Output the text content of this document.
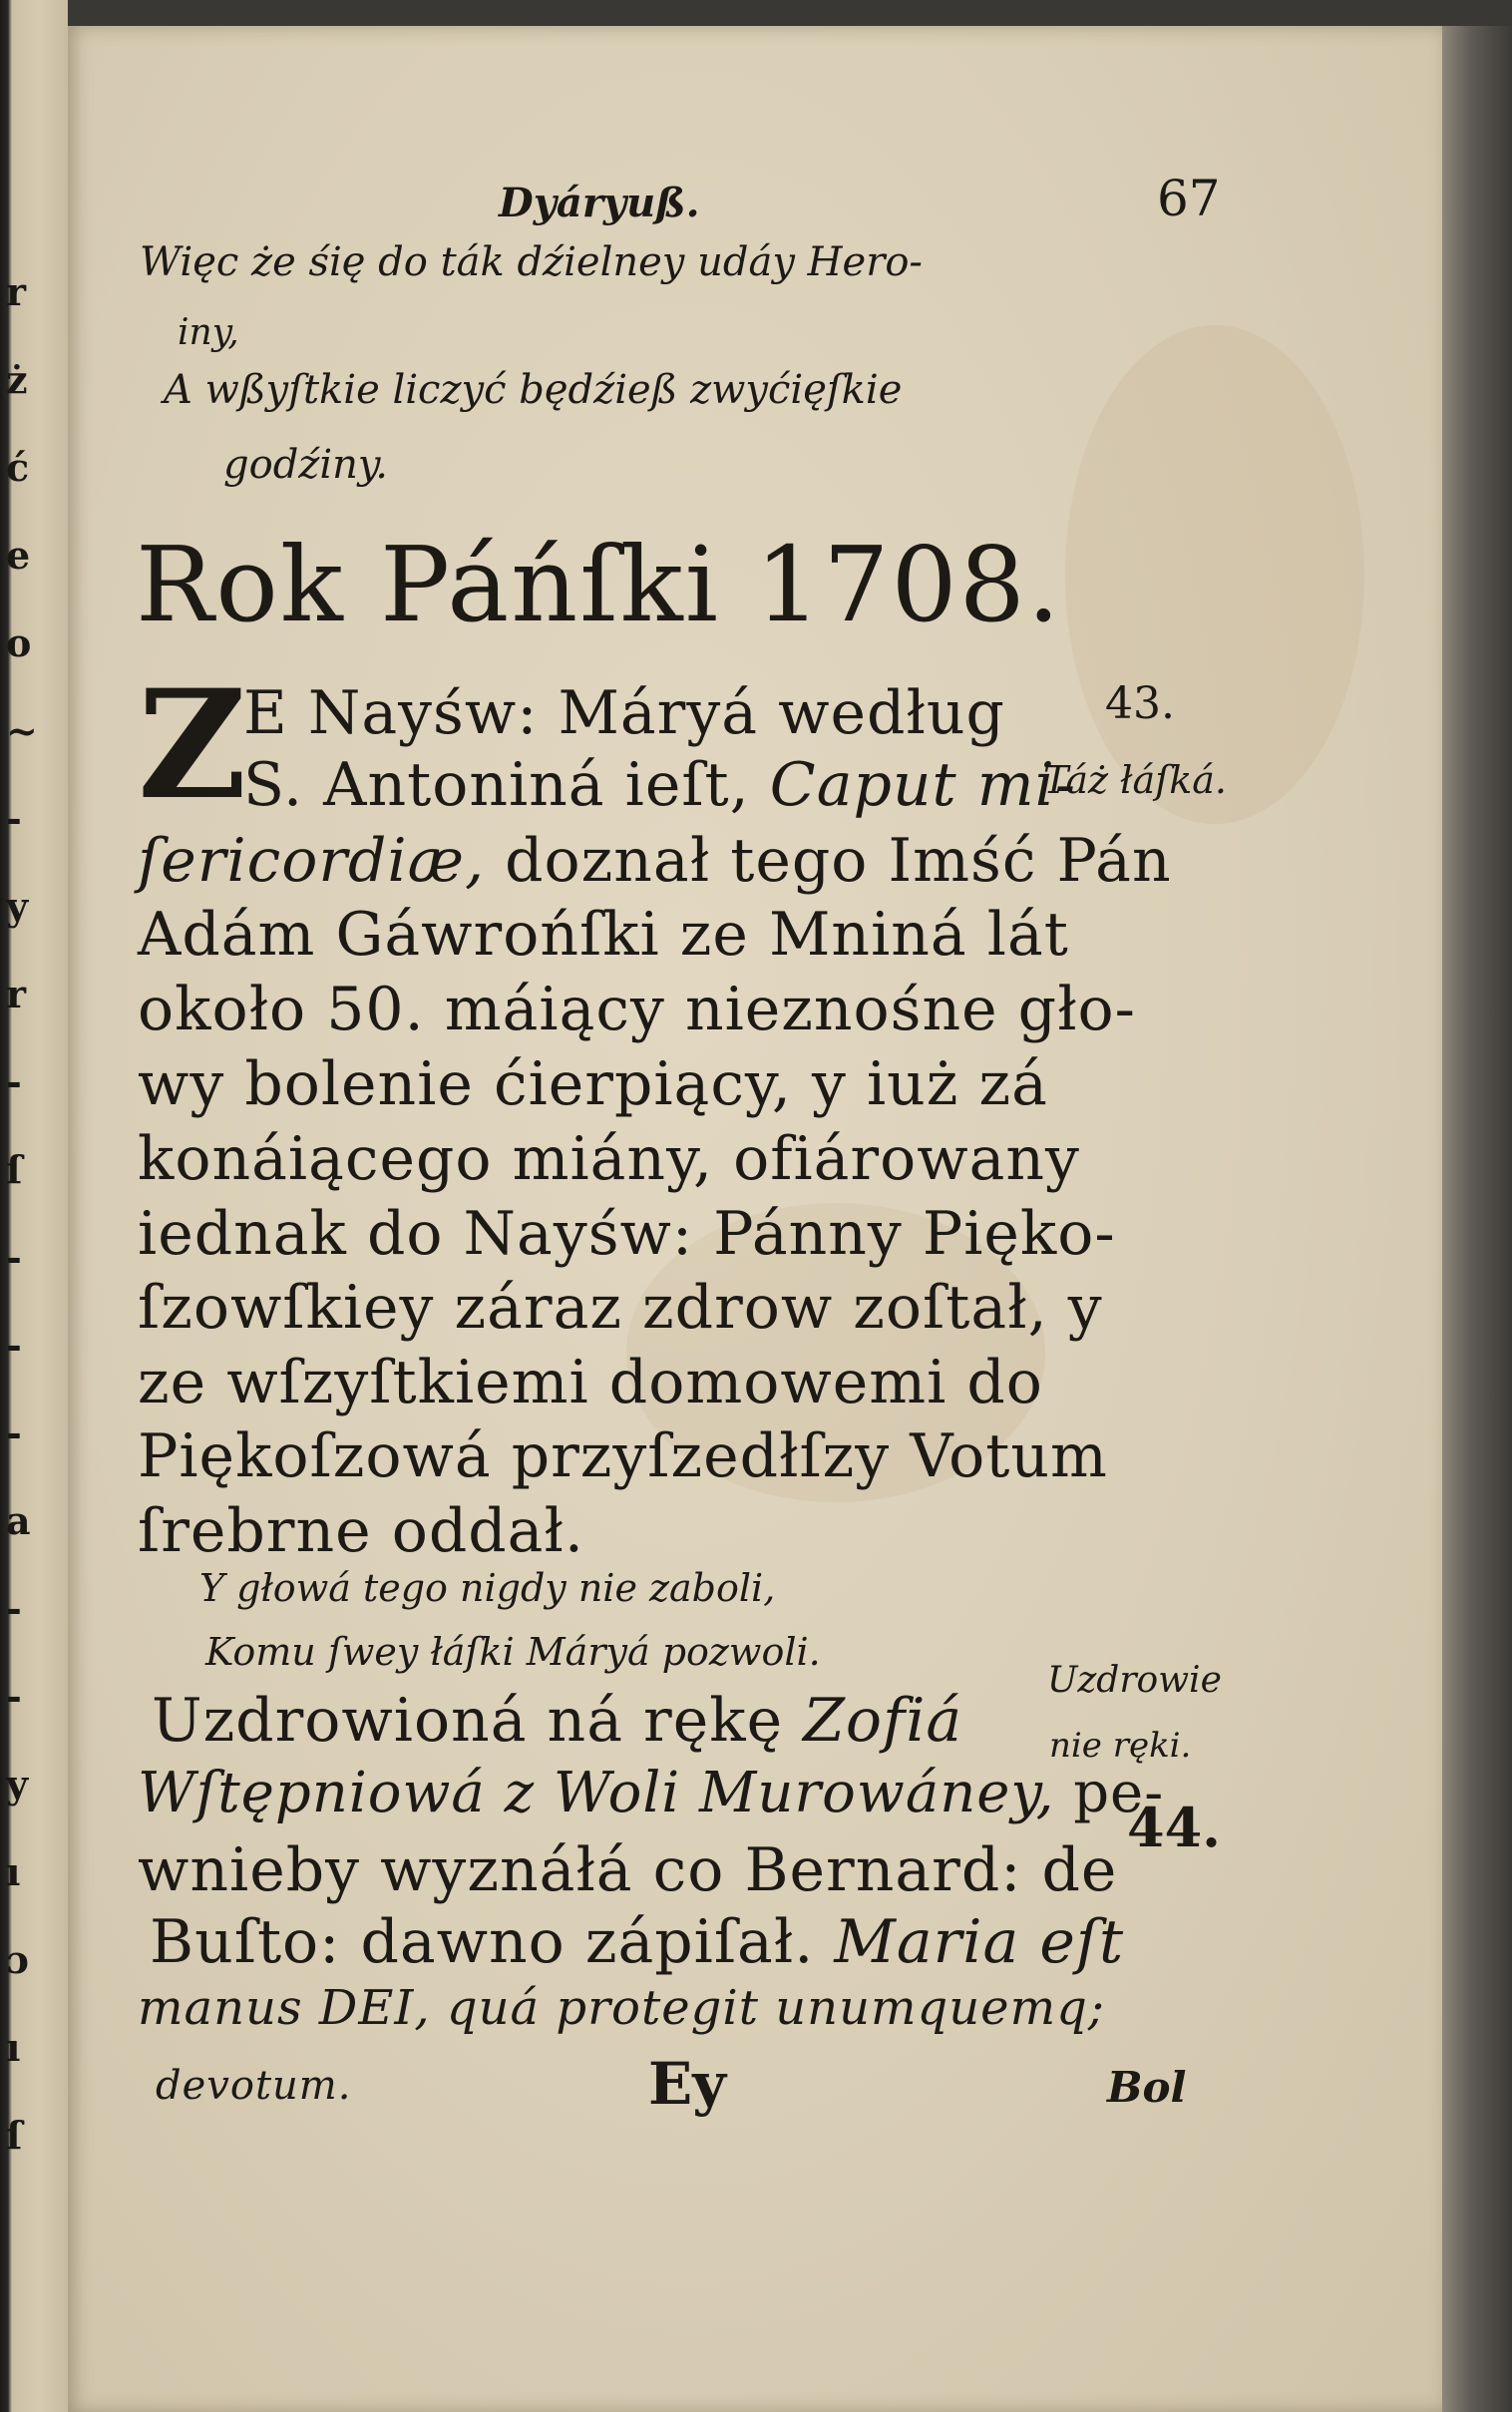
r
ż
ć
e
o
~
-
y
r
-
ſ
-
-
-
a
-
-
y
ı
ɔ
ı
ſ
Dyáryuß.	67
Więc że śię do ták dźielney udáy Hero-
iny,
A wßyſtkie liczyć będźieß zwyćięſkie
godźiny.
Rok Páńſki 1708.
Z
E Nayśw: Máryá według
S. Antoniná ieſt, Caput mi-
ſericordiæ, doznał tego Imść Pán
Adám Gáwrońſki ze Mniná lát
około 50. máiący nieznośne gło-
wy bolenie ćierpiący, y iuż zá
konáiącego miány, ofiárowany
iednak do Nayśw: Pánny Pięko-
ſzowſkiey záraz zdrow zoſtał, y
ze wſzyſtkiemi domowemi do
Piękoſzowá przyſzedłſzy Votum
ſrebrne oddał.
Y głowá tego nigdy nie zaboli,
Komu ſwey łáſki Máryá pozwoli.
Uzdrowioná ná rękę Zofiá
Wſtępniowá z Woli Murowáney, pe-
wnieby wyznáłá co Bernard: de
Buſto: dawno zápiſał. Maria eſt
manus DEI, quá protegit unumquemq;
devotum.	Ey
43.
Táż łáſká.
Uzdrowie
nie ręki.
44.
Bol
